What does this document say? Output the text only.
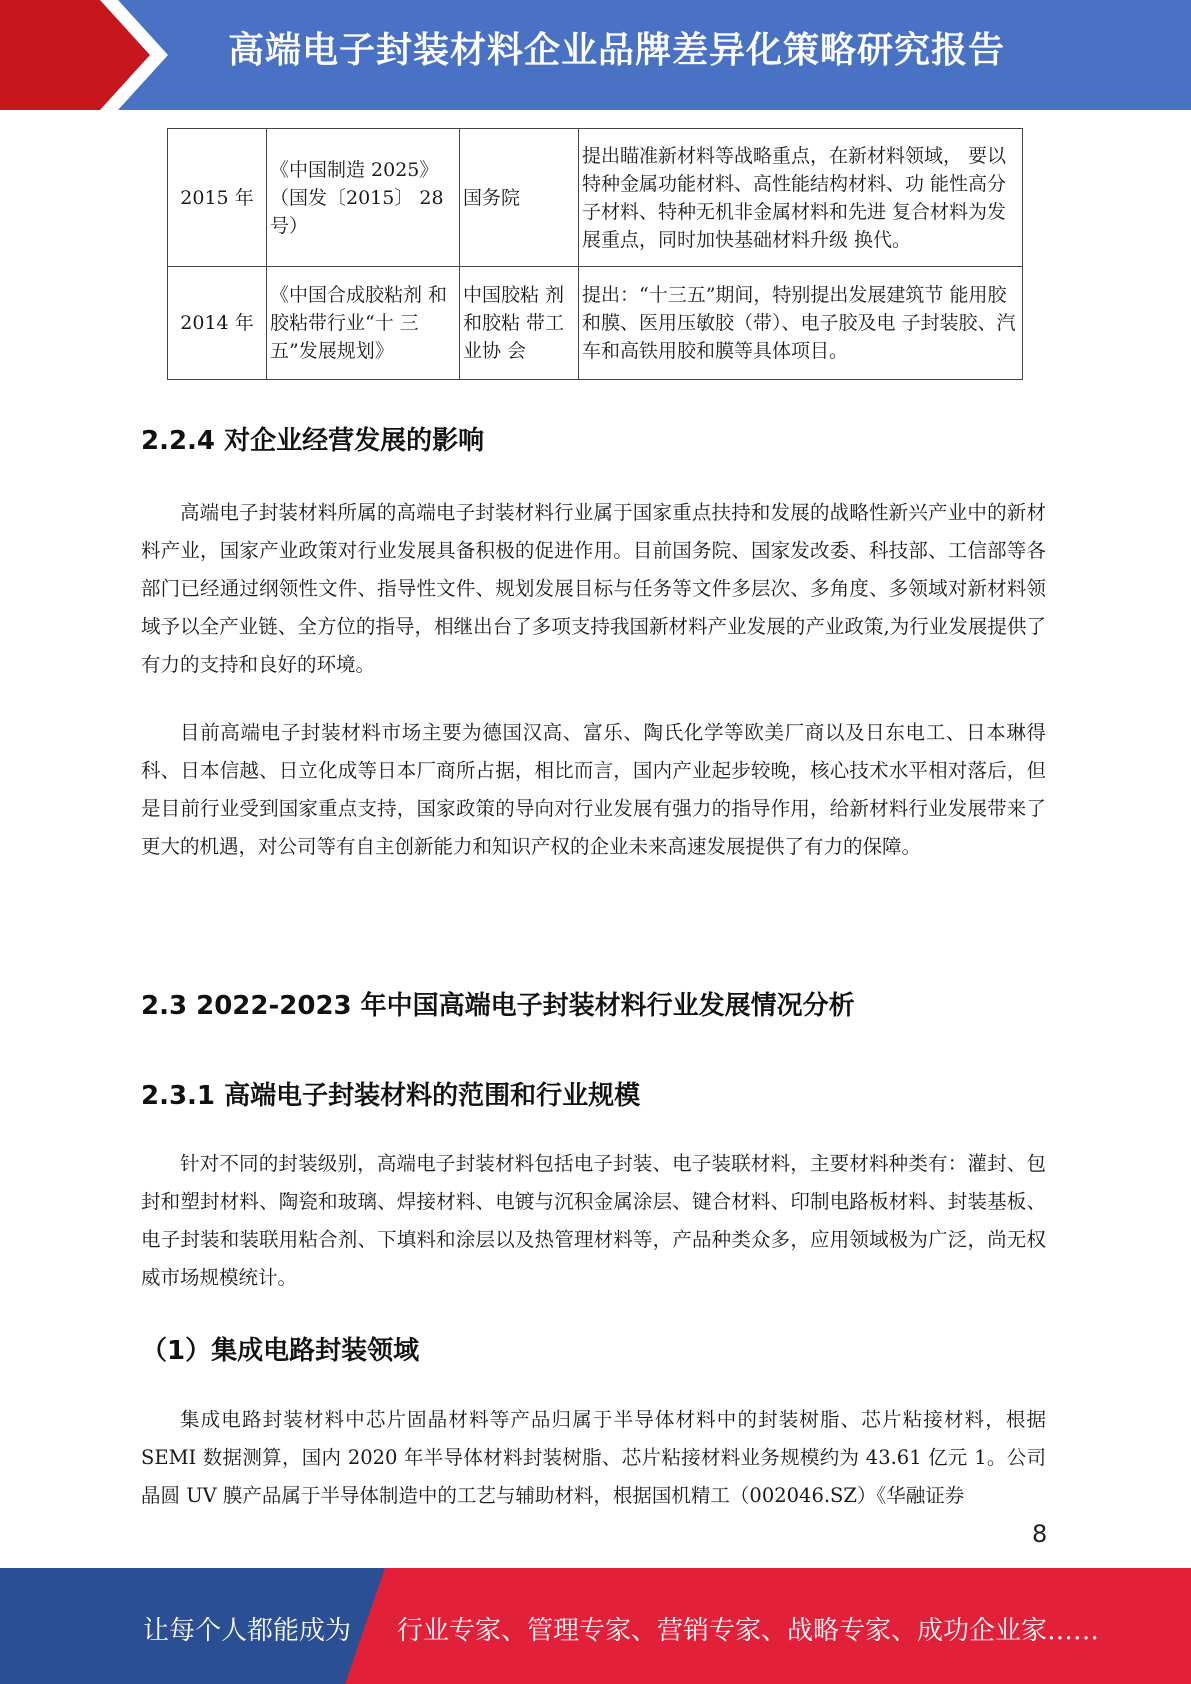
高端电子封装材料企业品牌差异化策略研究报告
2015 年	《中国制造 2025》（国发〔2015〕 28 号）	国务院	提出瞄准新材料等战略重点，在新材料领域， 要以特种金属功能材料、高性能结构材料、功 能性高分子材料、特种无机非金属材料和先进 复合材料为发展重点，同时加快基础材料升级 换代。
2014 年	《中国合成胶粘剂 和胶粘带行业“十 三五”发展规划》	中国胶粘 剂和胶粘 带工业协 会	提出：“十三五”期间，特别提出发展建筑节 能用胶和膜、医用压敏胶（带）、电子胶及电 子封装胶、汽车和高铁用胶和膜等具体项目。
2.2.4 对企业经营发展的影响

高端电子封装材料所属的高端电子封装材料行业属于国家重点扶持和发展的战略性新兴产业中的新材料产业，国家产业政策对行业发展具备积极的促进作用。目前国务院、国家发改委、科技部、工信部等各部门已经通过纲领性文件、指导性文件、规划发展目标与任务等文件多层次、多角度、多领域对新材料领域予以全产业链、全方位的指导，相继出台了多项支持我国新材料产业发展的产业政策,为行业发展提供了有力的支持和良好的环境。

目前高端电子封装材料市场主要为德国汉高、富乐、陶氏化学等欧美厂商以及日东电工、日本琳得科、日本信越、日立化成等日本厂商所占据，相比而言，国内产业起步较晚，核心技术水平相对落后，但是目前行业受到国家重点支持，国家政策的导向对行业发展有强力的指导作用，给新材料行业发展带来了更大的机遇，对公司等有自主创新能力和知识产权的企业未来高速发展提供了有力的保障。

2.3 2022-2023 年中国高端电子封装材料行业发展情况分析
2.3.1 高端电子封装材料的范围和行业规模

针对不同的封装级别，高端电子封装材料包括电子封装、电子装联材料，主要材料种类有：灌封、包封和塑封材料、陶瓷和玻璃、焊接材料、电镀与沉积金属涂层、键合材料、印制电路板材料、封装基板、电子封装和装联用粘合剂、下填料和涂层以及热管理材料等，产品种类众多，应用领域极为广泛，尚无权威市场规模统计。

（1）集成电路封装领域

集成电路封装材料中芯片固晶材料等产品归属于半导体材料中的封装树脂、芯片粘接材料，根据 SEMI 数据测算，国内 2020 年半导体材料封装树脂、芯片粘接材料业务规模约为 43.61 亿元 1。公司晶圆 UV 膜产品属于半导体制造中的工艺与辅助材料，根据国机精工（002046.SZ）《华融证券

8
让每个人都能成为 行业专家、管理专家、营销专家、战略专家、成功企业家……
